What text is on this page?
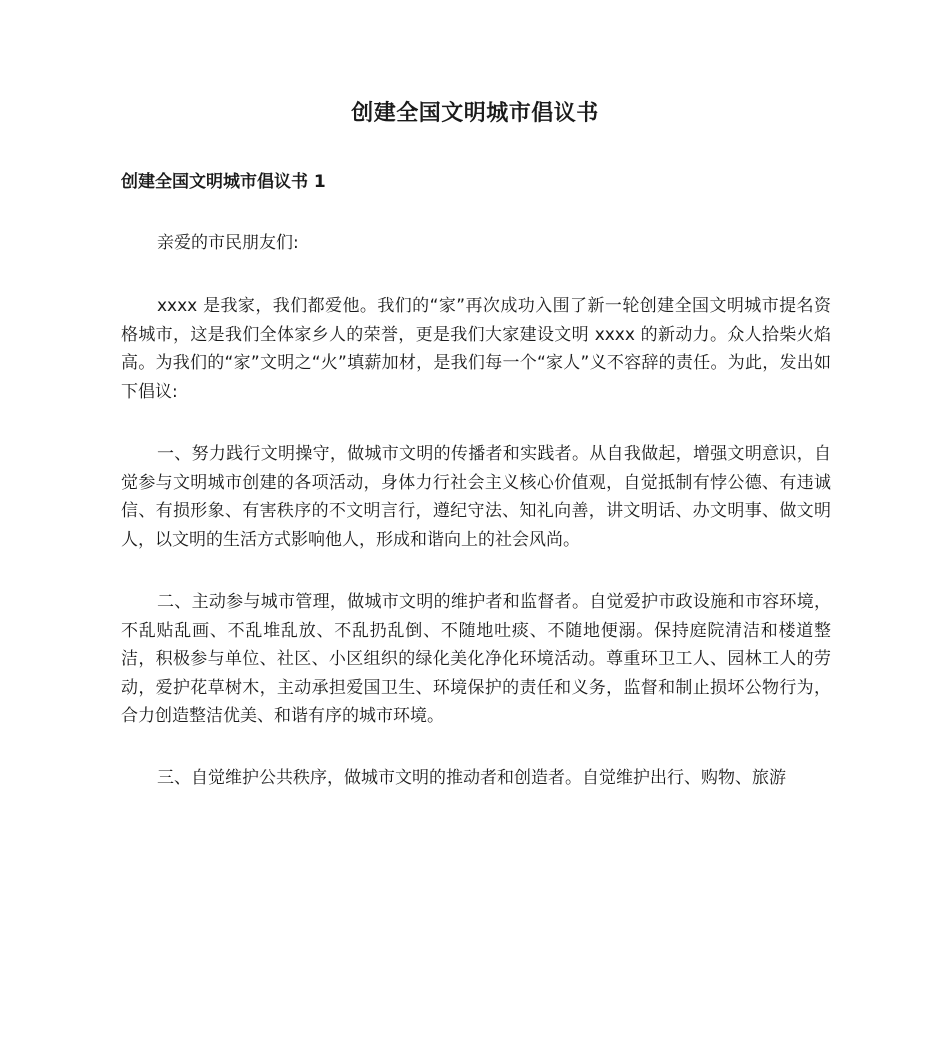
创建全国文明城市倡议书
创建全国文明城市倡议书 1

亲爱的市民朋友们:

xxxx 是我家，我们都爱他。我们的“家”再次成功入围了新一轮创建全国文明城市提名资格城市，这是我们全体家乡人的荣誉，更是我们大家建设文明 xxxx 的新动力。众人拾柴火焰高。为我们的“家”文明之“火”填薪加材，是我们每一个“家人”义不容辞的责任。为此，发出如下倡议:

一、努力践行文明操守，做城市文明的传播者和实践者。从自我做起，增强文明意识，自觉参与文明城市创建的各项活动，身体力行社会主义核心价值观，自觉抵制有悖公德、有违诚信、有损形象、有害秩序的不文明言行，遵纪守法、知礼向善，讲文明话、办文明事、做文明人，以文明的生活方式影响他人，形成和谐向上的社会风尚。

二、主动参与城市管理，做城市文明的维护者和监督者。自觉爱护市政设施和市容环境，不乱贴乱画、不乱堆乱放、不乱扔乱倒、不随地吐痰、不随地便溺。保持庭院清洁和楼道整洁，积极参与单位、社区、小区组织的绿化美化净化环境活动。尊重环卫工人、园林工人的劳动，爱护花草树木，主动承担爱国卫生、环境保护的责任和义务，监督和制止损坏公物行为，合力创造整洁优美、和谐有序的城市环境。

三、自觉维护公共秩序，做城市文明的推动者和创造者。自觉维护出行、购物、旅游
